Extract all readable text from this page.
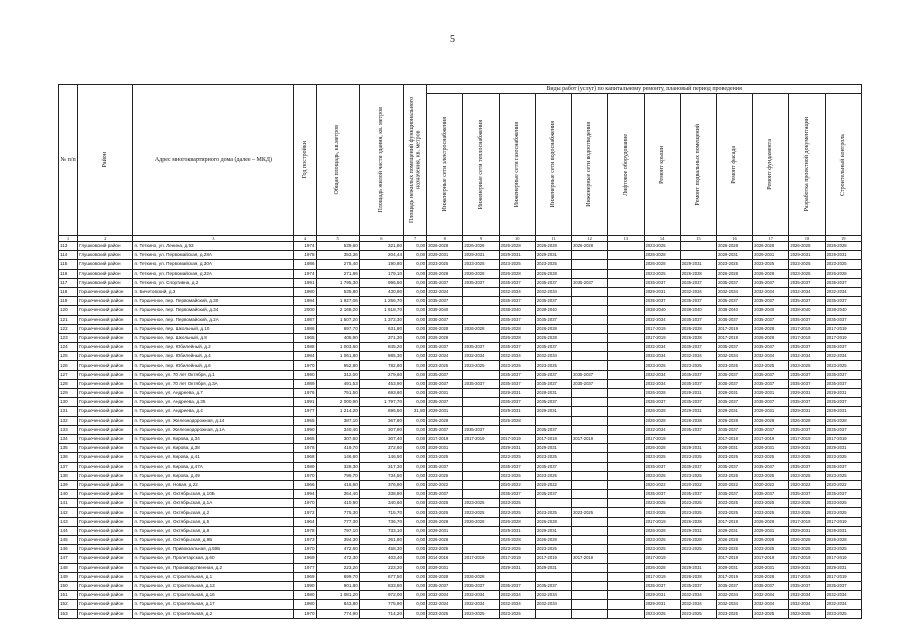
5
№ п/п	Район	Адрес многоквартирного дома (далее – МКД)	Год постройки	Общая площадь, кв.метров	Площадь жилой части здания, кв. метров	Площадь нежилых помещений функционального назначения, кв. метров	Виды работ (услуг) по капитальному ремонту, плановый период проведения											

							Инженерные сети электроснабжения	Инженерные сети теплоснабжения	Инженерные сети газоснабжения	Инженерные сети водоснабжения	Инженерные сети водоотведения	Лифтовое оборудование	Ремонт крыши	Ремонт подвальных помещений	Ремонт фасада	Ремонт фундамента	Разработка проектной документации	Строительный контроль

1	2	3	4	5	6	7	8	9	10	11	12	13	14	15	16	17	18	19
113	Глушковский район	п. Теткино, ул. Ленина, д.93	1974	539,60	321,80	0,00	2026-2028	2026-2028	2026-2028	2026-2028	2026-2028		2023-2025		2026-2028	2026-2028	2026-2028	2026-2028
114	Глушковский район	п. Теткино, ул. Первомайская, д.28А	1978	353,36	204,44	0,00	2029-2031	2029-2031	2029-2031	2029-2031			2026-2028		2029-2031	2029-2031	2029-2031	2029-2031
115	Глушковский район	п. Теткино, ул. Первомайская, д.30А	1986	275,40	190,80	0,00	2023-2025	2023-2025	2023-2025	2023-2025			2026-2028	2029-2031	2023-2025	2023-2025	2023-2025	2023-2025
116	Глушковский район	п. Теткино, ул. Первомайская, д.32А	1974	271,86	179,10	0,00	2026-2028	2026-2028	2026-2028	2026-2028			2023-2025	2026-2028	2026-2028	2026-2028	2023-2025	2026-2028
117	Глушковский район	п. Теткино, ул. Спортивна, д.2	1991	1 795,30	996,50	0,00	2035-2037	2035-2037	2035-2037	2035-2037	2035-2037		2035-2037	2035-2037	2035-2037	2035-2037	2035-2037	2035-2037
118	Горшеченский район	п. Бичетовский, д.3	1980	535,80	430,80	0,00	2032-2034		2032-2034	2032-2034			2029-2031	2032-2034	2032-2034	2032-2034	2032-2034	2032-2034
119	Горшеченский район	п. Горшечное, пер. Первомайский, д.30	1984	1 927,06	1 256,70	0,00	2035-2037		2035-2037	2035-2037			2035-2037	2035-2037	2035-2037	2035-2037	2035-2037	2035-2037
120	Горшеченский район	п. Горшечное, пер. Первомайский, д.34	2000	2 168,20	1 618,70	0,00	2038-2040		2038-2040	2038-2040			2038-2040	2038-2040	2038-2040	2038-2040	2038-2040	2038-2040
121	Горшеченский район	п. Горшечное, пер. Первомайский, д.2А	1987	1 507,20	1 372,30	0,00	2035-2037		2035-2037	2035-2037			2032-2034	2035-2037	2035-2037	2035-2037	2035-2037	2035-2037
122	Горшеченский район	п. Горшечное, пер. Школьный, д.10	1986	697,70	631,80	0,00	2026-2028	2026-2028	2026-2028	2026-2028			2017-2019	2026-2028	2017-2019	2026-2028	2017-2019	2017-2019
123	Горшеченский район	п. Горшечное, пер. Школьный, д.8	1965	405,90	371,30	0,00	2026-2028		2026-2028	2026-2028			2017-2019	2026-2028	2017-2019	2026-2028	2017-2019	2017-2019
124	Горшеченский район	п. Горшечное, пер. Юбилейный, д.2	1988	1 003,60	845,20	0,00	2035-2037	2035-2037	2035-2037	2035-2037			2032-2034	2035-2037	2035-2037	2035-2037	2035-2037	2035-2037
125	Горшеченский район	п. Горшечное, пер. Юбилейный, д.4	1984	1 061,80	985,30	0,00	2032-2034	2032-2034	2032-2034	2032-2034			2032-2034	2032-2034	2032-2034	2032-2034	2032-2034	2032-2034
126	Горшеченский район	п. Горшечное, пер. Юбилейный, д.6	1970	952,80	782,80	0,00	2023-2025	2023-2025	2023-2025	2023-2025			2023-2025	2023-2025	2023-2025	2023-2025	2023-2025	2023-2025
127	Горшеченский район	п. Горшечное, ул. 70 лет Октября, д.1	1990	312,00	279,60	0,00	2035-2037		2035-2037	2035-2037	2035-2037		2032-2034	2035-2037	2035-2037	2035-2037	2035-2037	2035-2037
128	Горшеченский район	п. Горшечное, ул. 70 лет Октября, д.3А	1989	491,53	453,90	0,00	2035-2037	2035-2037	2035-2037	2035-2037	2035-2037		2032-2034	2035-2037	2035-2037	2035-2037	2035-2037	2035-2037
129	Горшеченский район	п. Горшечное, ул. Андреева, д.7	1976	751,50	693,60	0,00	2029-2031		2029-2031	2029-2031			2026-2028	2029-2031	2029-2031	2029-2031	2029-2031	2029-2031
130	Горшеченский район	п. Горшечное, ул. Андреева, д.35	1991	2 000,90	1 797,70	0,00	2035-2037		2035-2037	2035-2037			2035-2037	2035-2037	2035-2037	2035-2037	2035-2037	2035-2037
131	Горшеченский район	п. Горшечное, ул. Андреева, д.4	1977	1 214,20	696,50	31,80	2029-2031		2029-2031	2029-2031			2026-2028	2029-2031	2029-2031	2029-2031	2029-2031	2029-2031
132	Горшеченский район	п. Горшечное, ул. Железнодорожная, д.14	1955	387,10	367,80	0,00	2026-2028		2026-2028				2026-2028	2026-2028	2026-2028	2026-2028	2026-2028	2026-2028
133	Горшеченский район	п. Горшечное, ул. Железнодорожная, д.1А	1990	340,40	307,80	0,00	2035-2037	2035-2037		2035-2037			2032-2034	2035-2037	2035-2037	2035-2037	2035-2037	2035-2037
134	Горшеченский район	п. Горшечное, ул. Кирова, д.34	1965	307,60	307,40	0,00	2017-2019	2017-2019	2017-2019	2017-2019	2017-2019		2017-2019		2017-2019	2017-2019	2017-2019	2017-2019
135	Горшеченский район	п. Горшечное, ул. Кирова, д.38	1978	419,70	372,60	0,00	2029-2031		2029-2031	2029-2031			2026-2028	2029-2031	2029-2031	2029-2031	2029-2031	2029-2031
136	Горшеченский район	п. Горшечное, ул. Кирова, д.41	1968	146,60	146,50	0,00	2023-2025		2023-2025	2023-2025			2023-2025	2023-2025	2023-2025	2023-2025	2023-2025	2023-2025
137	Горшеченский район	п. Горшечное, ул. Кирова, д.47А	1989	328,30	317,30	0,00	2035-2037		2035-2037	2035-2037			2035-2037	2035-2037	2035-2037	2035-2037	2035-2037	2035-2037
138	Горшеченский район	п. Горшечное, ул. Кирова, д.49	1970	799,70	734,50	0,00	2023-2025		2023-2025	2023-2025			2023-2025	2023-2025	2023-2025	2023-2025	2023-2025	2023-2025
139	Горшеченский район	п. Горшечное, ул. Новая, д.22	1966	416,90	376,90	0,00	2020-2022		2020-2022	2020-2022			2020-2022	2020-2022	2020-2022	2020-2022	2020-2022	2020-2022
140	Горшеченский район	п. Горшечное, ул. Октябрьская, д.10Б	1994	364,40	338,80	0,00	2035-2037		2035-2037	2035-2037			2035-2037	2035-2037	2035-2037	2035-2037	2035-2037	2035-2037
141	Горшеченский район	п. Горшечное, ул. Октябрьская, д.1А	1970	410,90	340,60	0,00	2023-2025	2023-2025	2023-2025				2023-2025	2023-2025	2023-2025	2023-2025	2023-2025	2023-2025
142	Горшеченский район	п. Горшечное, ул. Октябрьская, д.2	1972	775,30	715,70	0,00	2023-2025	2023-2025	2023-2025	2023-2025	2023-2025		2023-2025	2023-2025	2023-2025	2023-2025	2023-2025	2023-2025
143	Горшеченский район	п. Горшечное, ул. Октябрьская, д.5	1964	777,30	736,70	0,00	2026-2028	2026-2028	2026-2028	2026-2028			2017-2019	2026-2028	2017-2019	2026-2028	2017-2019	2017-2019
144	Горшеченский район	п. Горшечное, ул. Октябрьская, д.8	1978	797,10	733,10	0,00	2029-2031		2029-2031	2029-2031			2026-2028	2029-2031	2029-2031	2029-2031	2029-2031	2029-2031
145	Горшеченский район	п. Горшечное, ул. Октябрьская, д.9Б	1973	394,30	361,80	0,00	2026-2028		2026-2028	2026-2028			2023-2025	2026-2028	2026-2028	2026-2028	2026-2028	2026-2028
146	Горшеченский район	п. Горшечное, ул. Привокзальная, д.59Б	1970	472,60	458,30	0,00	2023-2025		2023-2025	2023-2025			2023-2025	2023-2025	2023-2025	2023-2025	2023-2025	2023-2025
147	Горшеченский район	п. Горшечное, ул. Пролетарская, д.60	1969	472,30	403,40	0,00	2014-2016	2017-2019	2017-2019	2017-2019	2017-2019		2017-2019		2017-2019	2017-2019	2017-2019	2017-2019
148	Горшеченский район	п. Горшечное, ул. Производственная, д.2	1977	223,20	223,20	0,00	2029-2031		2029-2031	2029-2031			2026-2028	2029-2031	2029-2031	2029-2031	2029-2031	2029-2031
149	Горшеченский район	п. Горшечное, ул. Строительная, д.1	1969	699,70	677,50	0,00	2026-2028	2026-2028					2017-2019	2026-2028	2017-2019	2026-2028	2017-2019	2017-2019
150	Горшеченский район	п. Горшечное, ул. Строительная, д.13	1990	901,80	833,80	0,00	2035-2037	2035-2037	2035-2037	2035-2037			2035-2037	2035-2037	2035-2037	2035-2037	2035-2037	2035-2037
151	Горшеченский район	п. Горшечное, ул. Строительная, д.16	1980	1 081,20	972,00	0,00	2032-2034	2032-2034	2032-2034	2032-2034			2029-2031	2032-2034	2032-2034	2032-2034	2032-2034	2032-2034
152	Горшеченский район	п. Горшечное, ул. Строительная, д.17	1980	843,80	775,90	0,00	2032-2034	2032-2034	2032-2034	2032-2034			2029-2031	2032-2034	2032-2034	2032-2034	2032-2034	2032-2034
153	Горшеченский район	п. Горшечное, ул. Строительная, д.2	1970	774,90	714,20	0,00	2023-2025	2023-2025	2023-2025				2023-2025	2023-2025	2023-2025	2023-2025	2023-2025	2023-2025
